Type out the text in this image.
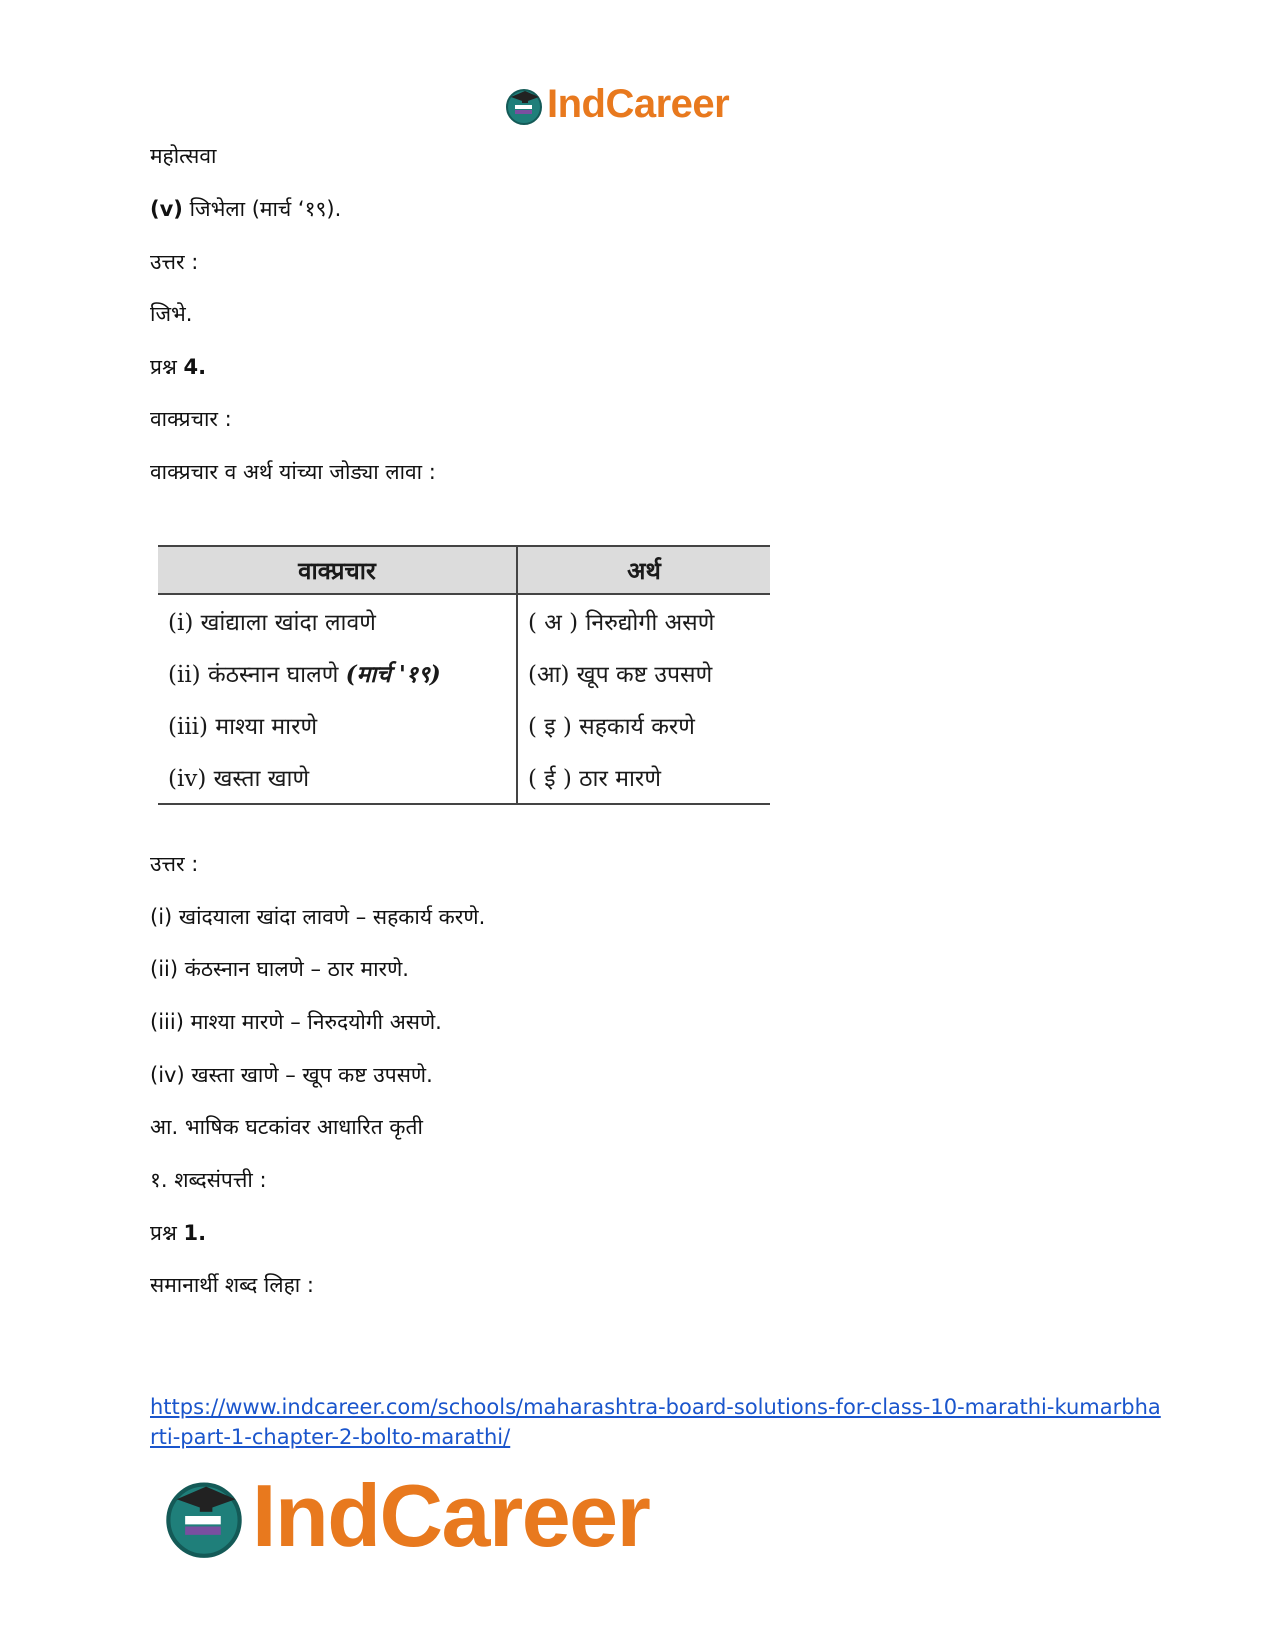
IndCareer
महोत्सवा
(v) जिभेला (मार्च ‘१९).
उत्तर :
जिभे.
प्रश्न 4.
वाक्प्रचार :
वाक्प्रचार व अर्थ यांच्या जोड्या लावा :
वाक्प्रचार	अर्थ
(i) खांद्याला खांदा लावणे	( अ ) निरुद्योगी असणे
(ii) कंठस्नान घालणे (मार्च '१९)	(आ) खूप कष्ट उपसणे
(iii) माश्या मारणे	( इ ) सहकार्य करणे
(iv) खस्ता खाणे	( ई ) ठार मारणे
उत्तर :
(i) खांदयाला खांदा लावणे – सहकार्य करणे.
(ii) कंठस्नान घालणे – ठार मारणे.
(iii) माश्या मारणे – निरुदयोगी असणे.
(iv) खस्ता खाणे – खूप कष्ट उपसणे.
आ. भाषिक घटकांवर आधारित कृती
१. शब्दसंपत्ती :
प्रश्न 1.
समानार्थी शब्द लिहा :
https://www.indcareer.com/schools/maharashtra-board-solutions-for-class-10-marathi-kumarbha
rti-part-1-chapter-2-bolto-marathi/
IndCareer
